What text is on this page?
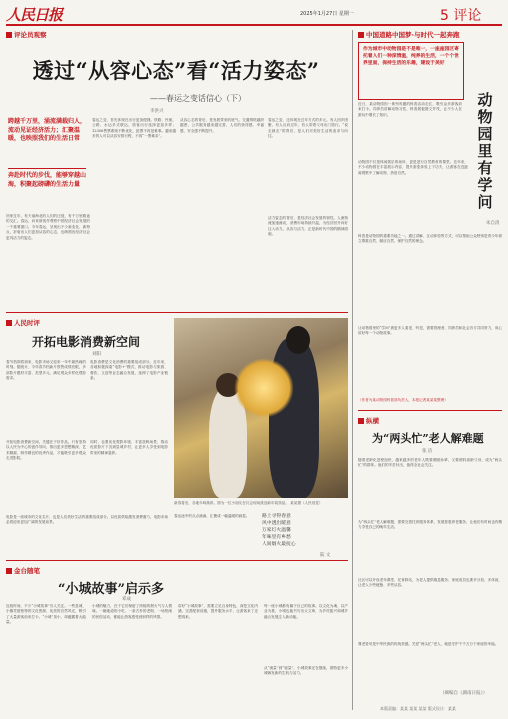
人民日报	2025年1月27日 星期一	5 评论
评论员观察
透过“从容心态”看“活力姿态”
——春运之变话信心（下）
李洪兴
跨越千万里，涌流满载归人，流动见证经济活力；汇聚温暖，也映照我们的生活日常
奔赴时代的步伐，能够穿越山海，积聚起磅礴的生活力量
回家过年，有天南海北的人们的迁徙，有千万里路途的交汇。春运，向来被视作观察中国经济社会发展的一个重要窗口。今年春运，呈现出不少新变化、新特点，折射出人们更加从容的心态，也映照出经济社会更具活力的姿态。
春运之变，首先体现在出行更加便捷。铁路、民航、公路、水运多式联运，旅客出行选择更加多样；12306售票系统不断优化，抢票不再是难事。越来越多的人可以从容安排行程，不再“一票难求”。
从容心态的背后，是发展带来的底气。交通网络越织越密，公共服务越来越完善，人们的获得感、幸福感、安全感不断提升。
春运之变，还体现在过年方式的多元。有人回乡团聚，有人反向过年，有人带着父母出门旅行。“说走就走”的背后，是人们对美好生活的追求与向往。
活力姿态的背后，是经济社会发展的韧性。人流物流加速流动，消费市场持续升温，为经济回升向好注入动力。从容与活力，正是新时代中国的精神面貌。
人民时评
开拓电影消费新空间
刘阳
春节档即将到来，电影市场又迎来一年中最热闹的时刻。据统计，今年春节档新片预售成绩亮眼，多部影片题材丰富、类型多元，满足观众多样化观影需求。
电影消费是文化消费的重要组成部分。近年来，各地积极探索“电影+”模式，推动电影与旅游、餐饮、文创等业态融合发展，延伸了电影产业链条。
开拓电影消费新空间，关键在于好作品。只有坚持以人民为中心的创作导向，推出更多思想精深、艺术精湛、制作精良的优秀作品，才能吸引更多观众走进影院。
同时，也要优化观影环境，丰富放映场景，推动优质影片下沉到县城乡村，让更多人享受到电影带来的精神滋养。
电影是一座城市的文化名片，也是人们美好生活的重要组成部分。以优质供给激发消费潜力，电影市场必将迎来更加广阔的发展前景。
新春将至，各地年味渐浓。图为一位小朋友在灯会现场挑选新年装饰品。 某某摄（人民视觉）
春运途中的点点滴滴，汇聚成一幅温暖的画卷。	路上寻得春意
风中透出暖意
万家灯火温馨
年味里有乡愁
人间烟火最抚心
陆 文
金台随笔
“小城故事”启示多
邓成
近段时间，不少“小城故事”引人关注。一些县城、小镇凭借独特的文化资源、优美的自然风光，吸引了大量游客前来打卡。“小城”虽小，却蕴藏着大能量。
小城的魅力，在于它们保留了浓郁的烟火气与人情味。一碗地道的小吃、一条古朴的老街、一场热闹的民俗活动，都能让游客感受到别样的风情。
讲好“小城故事”，需要立足自身特色，深挖文化内涵，完善配套设施，提升服务水平，让游客来了还想再来。
每一座小城都有属于自己的故事。以文化为魂、以产业为基，小城也能书写出大文章，为乡村振兴和城乡融合发展注入新动能。
从“流量”到“留量”，小城故事还在继续，期待更多小城焕发新的生机与活力。
中国道路中国梦·与时代一起奔跑
作为城市中动物园是不是唯一，一座座园区寄托着人们一种深情温，纯养的生活，一个个世界里面，保持生活的乐趣，建设于美好
动物园里有学问
朱自清
近日，某动物园因一系列有趣的科普活动走红，吸引众多游客前来打卡。饲养员讲解动物习性，科普展板图文并茂，让不少人在游玩中增长了知识。
动物园不仅是休闲娱乐的场所，更是进行自然教育的课堂。近年来，不少动物园在丰富展示内容、提升游览体验上下功夫，让游客在近距离观察中了解动物、热爱自然。
科普是动物园的重要功能之一。通过讲解、互动体验等方式，可以帮助公众特别是青少年树立尊重自然、顺应自然、保护自然的理念。
让动物园里的“学问”被更多人看见、听见，需要管理者、饲养员和社会各方共同努力，用心讲好每一个动物故事。
（作者为某动物园科普部负责人，本报记者某某某整理）
纵横
为“两头忙”老人解难题
张 洁
随着老龄化进程加快，越来越多的老年人既要照顾孙辈，又要照料高龄父母，成为“两头忙”的群体。他们的辛苦付出，值得全社会关注。
为“两头忙”老人解难题，需要完善托育服务体系，发展普惠养老服务，让他们有时间也有精力享受自己的晚年生活。
社区可以开设老年课堂、托育驿站，为老人提供喘息服务；家庭成员也要多分担，多体谅，让老人少些疲惫、多些从容。
尊老爱幼是中华民族的传统美德。关爱“两头忙”老人，就是守护千千万万个家庭的幸福。
（摘编自《湖南日报》）
本版责编：某某 某某 某某 版式设计：某某
